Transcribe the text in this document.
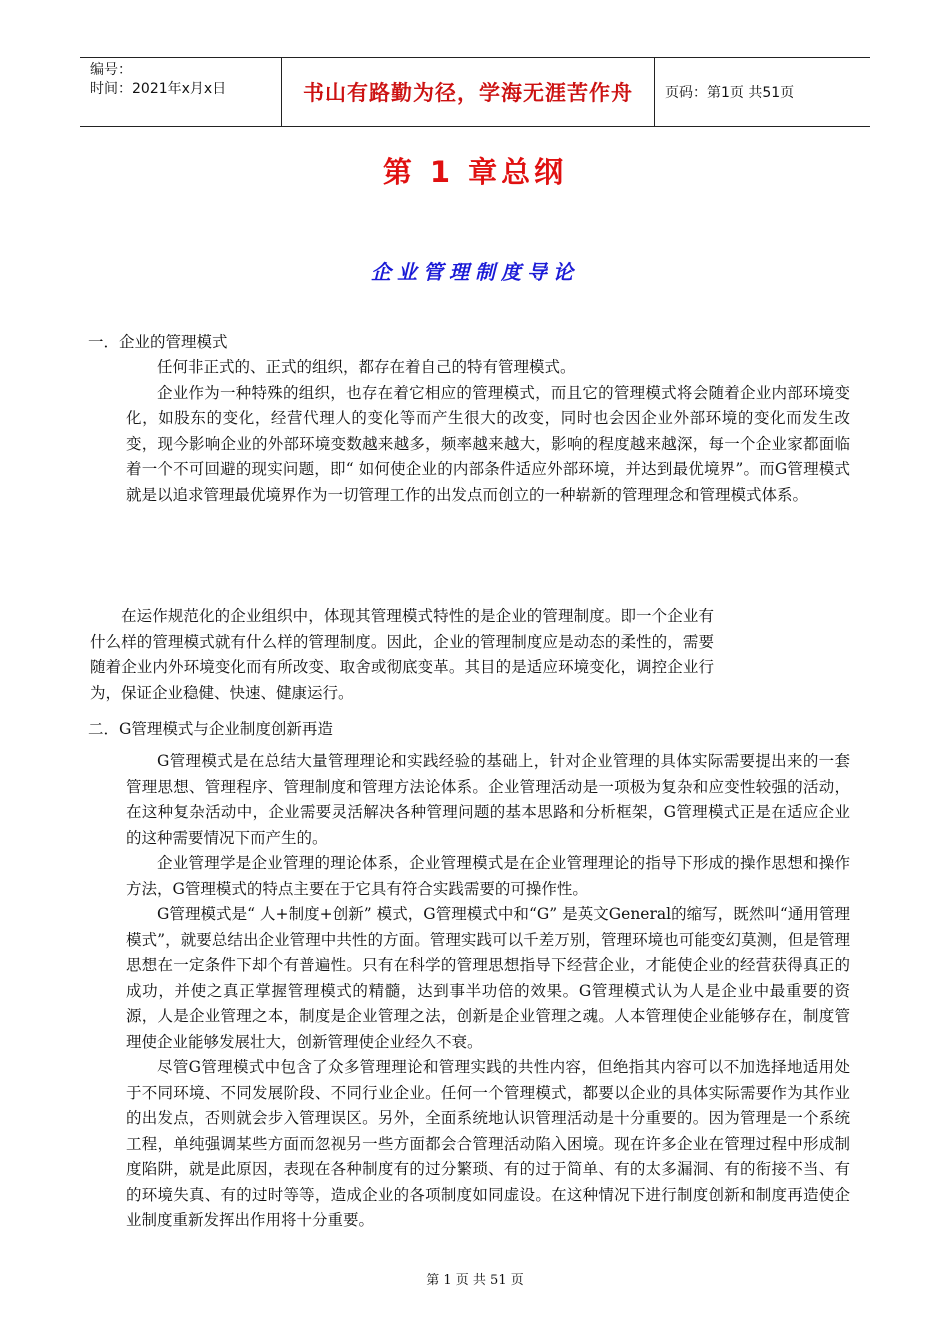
编号：
时间：2021年x月x日	书山有路勤为径，学海无涯苦作舟	页码：第1页 共51页
第 1 章总纲
企业管理制度导论
一．企业的管理模式

任何非正式的、正式的组织，都存在着自己的特有管理模式。

企业作为一种特殊的组织，也存在着它相应的管理模式，而且它的管理模式将会随着企业内部环境变化，如股东的变化，经营代理人的变化等而产生很大的改变，同时也会因企业外部环境的变化而发生改变，现今影响企业的外部环境变数越来越多，频率越来越大，影响的程度越来越深，每一个企业家都面临着一个不可回避的现实问题，即“ 如何使企业的内部条件适应外部环境，并达到最优境界”。而G管理模式就是以追求管理最优境界作为一切管理工作的出发点而创立的一种崭新的管理理念和管理模式体系。

在运作规范化的企业组织中，体现其管理模式特性的是企业的管理制度。即一个企业有什么样的管理模式就有什么样的管理制度。因此，企业的管理制度应是动态的柔性的，需要随着企业内外环境变化而有所改变、取舍或彻底变革。其目的是适应环境变化，调控企业行为，保证企业稳健、快速、健康运行。

二．G管理模式与企业制度创新再造

G管理模式是在总结大量管理理论和实践经验的基础上，针对企业管理的具体实际需要提出来的一套管理思想、管理程序、管理制度和管理方法论体系。企业管理活动是一项极为复杂和应变性较强的活动，在这种复杂活动中，企业需要灵活解决各种管理问题的基本思路和分析框架，G管理模式正是在适应企业的这种需要情况下而产生的。

企业管理学是企业管理的理论体系，企业管理模式是在企业管理理论的指导下形成的操作思想和操作方法，G管理模式的特点主要在于它具有符合实践需要的可操作性。

G管理模式是“ 人+制度+创新” 模式，G管理模式中和“G” 是英文General的缩写，既然叫“通用管理模式”，就要总结出企业管理中共性的方面。管理实践可以千差万别，管理环境也可能变幻莫测，但是管理思想在一定条件下却个有普遍性。只有在科学的管理思想指导下经营企业，才能使企业的经营获得真正的成功，并使之真正掌握管理模式的精髓，达到事半功倍的效果。G管理模式认为人是企业中最重要的资源，人是企业管理之本，制度是企业管理之法，创新是企业管理之魂。人本管理使企业能够存在，制度管理使企业能够发展壮大，创新管理使企业经久不衰。

尽管G管理模式中包含了众多管理理论和管理实践的共性内容，但绝指其内容可以不加选择地适用处于不同环境、不同发展阶段、不同行业企业。任何一个管理模式，都要以企业的具体实际需要作为其作业的出发点，否则就会步入管理误区。另外，全面系统地认识管理活动是十分重要的。因为管理是一个系统工程，单纯强调某些方面而忽视另一些方面都会合管理活动陷入困境。现在许多企业在管理过程中形成制度陷阱，就是此原因，表现在各种制度有的过分繁琐、有的过于简单、有的太多漏洞、有的衔接不当、有的环境失真、有的过时等等，造成企业的各项制度如同虚设。在这种情况下进行制度创新和制度再造使企业制度重新发挥出作用将十分重要。

第 1 页 共 51 页
